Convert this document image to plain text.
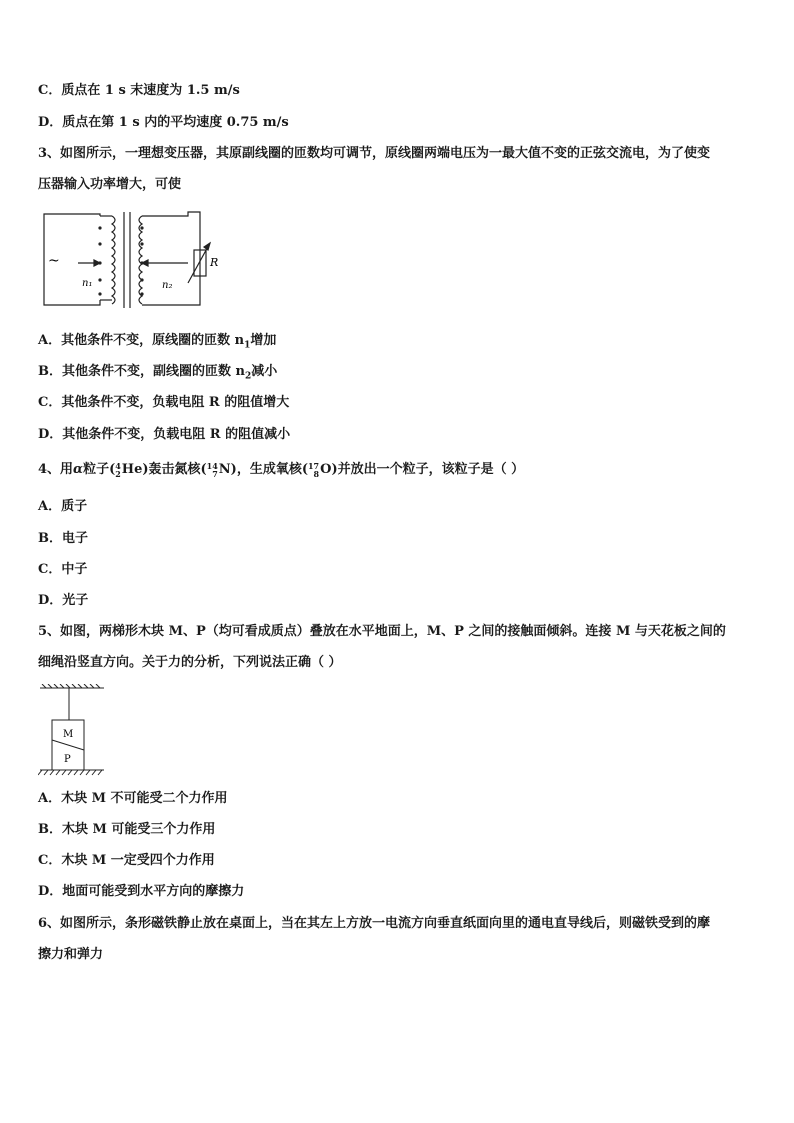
C．质点在 1 s 末速度为 1.5 m/s
D．质点在第 1 s 内的平均速度 0.75 m/s
3、如图所示，一理想变压器，其原副线圈的匝数均可调节，原线圈两端电压为一最大值不变的正弦交流电，为了使变
压器输入功率增大，可使
~
n₁	n₂
R
A．其他条件不变，原线圈的匝数 $n_1$增加
B．其他条件不变，副线圈的匝数 $n_2$减小
C．其他条件不变，负载电阻 R 的阻值增大
D．其他条件不变，负载电阻 R 的阻值减小
4、用α粒子( 4
2 He)轰击氮核( 14
7 N)，生成氧核( 17
8 O)并放出一个粒子，该粒子是（ ）
A．质子
B．电子
C．中子
D．光子
5、如图，两梯形木块 M、P（均可看成质点）叠放在水平地面上，M、P 之间的接触面倾斜。连接 M 与天花板之间的
细绳沿竖直方向。关于力的分析，下列说法正确（ ）
M
P
A．木块 M 不可能受二个力作用
B．木块 M 可能受三个力作用
C．木块 M 一定受四个力作用
D．地面可能受到水平方向的摩擦力
6、如图所示，条形磁铁静止放在桌面上，当在其左上方放一电流方向垂直纸面向里的通电直导线后，则磁铁受到的摩
擦力和弹力
